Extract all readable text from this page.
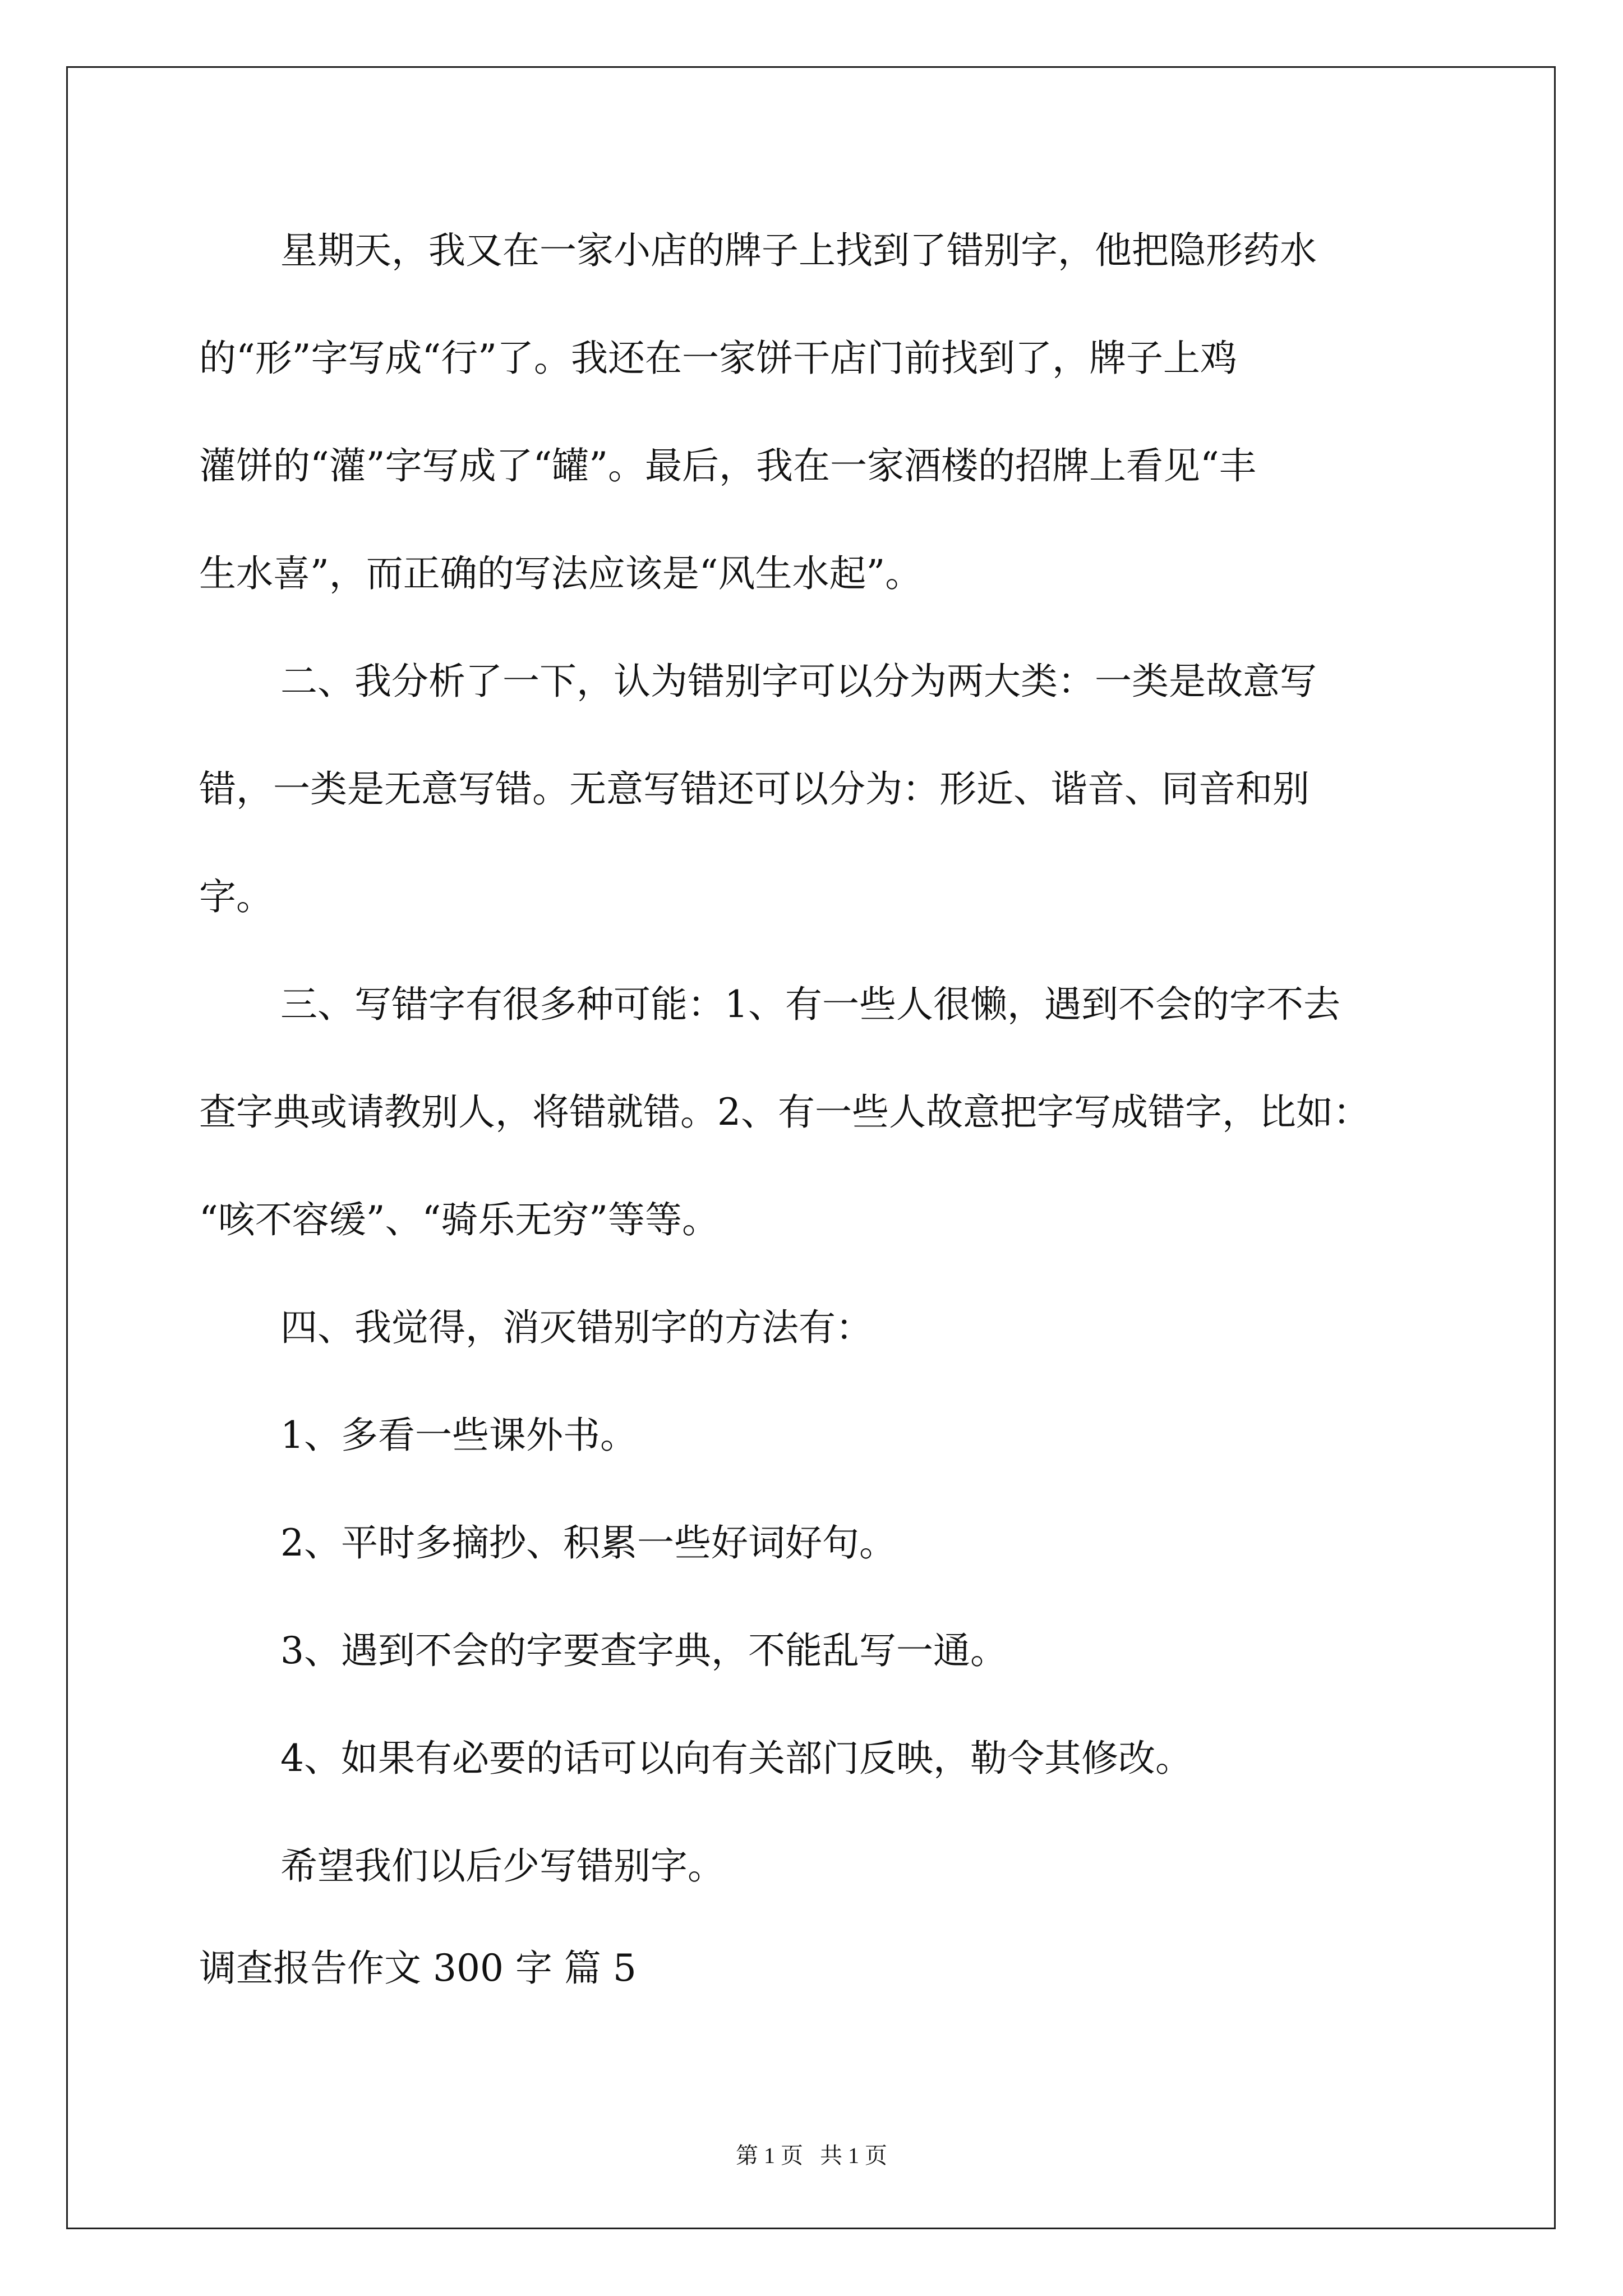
星期天，我又在一家小店的牌子上找到了错别字，他把隐形药水
的“形”字写成“行”了。我还在一家饼干店门前找到了，牌子上鸡
灌饼的“灌”字写成了“罐”。最后，我在一家酒楼的招牌上看见“丰
生水喜”，而正确的写法应该是“风生水起”。
二、我分析了一下，认为错别字可以分为两大类：一类是故意写
错，一类是无意写错。无意写错还可以分为：形近、谐音、同音和别
字。
三、写错字有很多种可能：1、有一些人很懒，遇到不会的字不去
查字典或请教别人，将错就错。2、有一些人故意把字写成错字，比如：
“咳不容缓”、“骑乐无穷”等等。
四、我觉得，消灭错别字的方法有：
1、多看一些课外书。
2、平时多摘抄、积累一些好词好句。
3、遇到不会的字要查字典，不能乱写一通。
4、如果有必要的话可以向有关部门反映，勒令其修改。
希望我们以后少写错别字。
调查报告作文 300 字 篇 5
第 1 页   共 1 页
